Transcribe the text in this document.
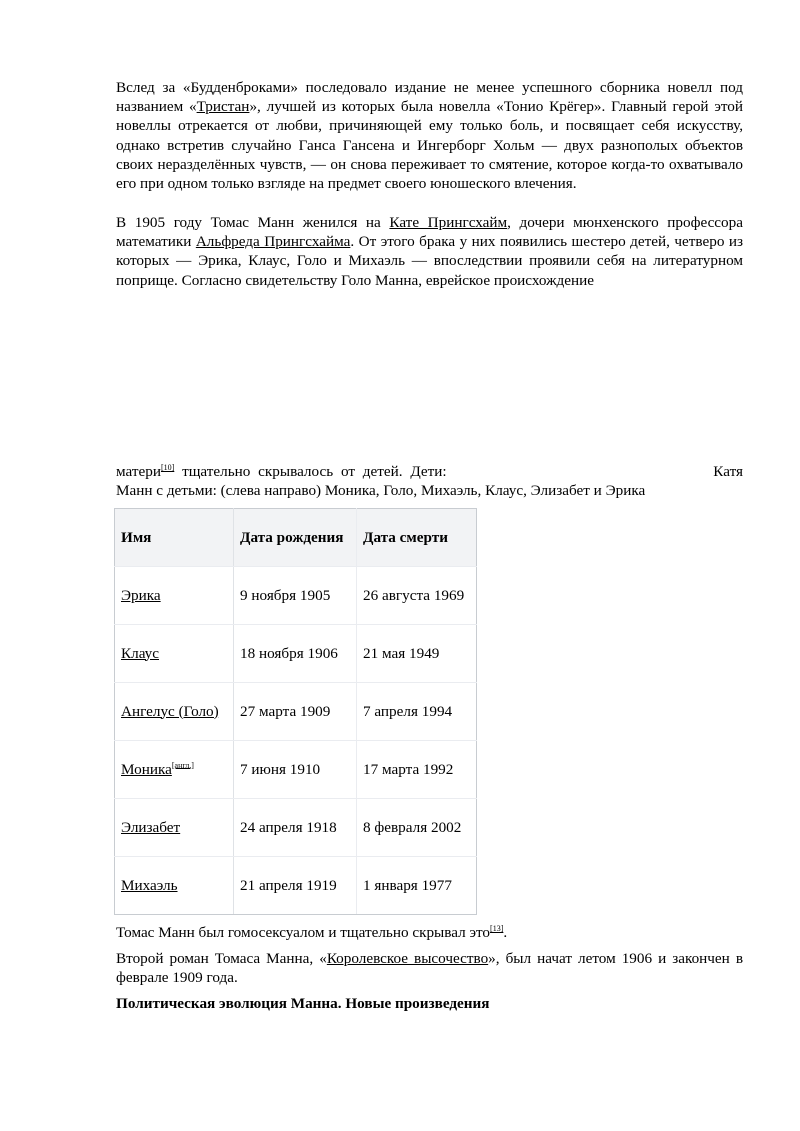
Вслед за «Будденброками» последовало издание не менее успешного сборника новелл под названием «Тристан», лучшей из которых была новелла «Тонио Крёгер». Главный герой этой новеллы отрекается от любви, причиняющей ему только боль, и посвящает себя искусству, однако встретив случайно Ганса Гансена и Ингерборг Хольм — двух разнополых объектов своих неразделённых чувств, — он снова переживает то смятение, которое когда-то охватывало его при одном только взгляде на предмет своего юношеского влечения.

В 1905 году Томас Манн женился на Кате Прингсхайм, дочери мюнхенского профессора математики Альфреда Прингсхайма. От этого брака у них появились шестеро детей, четверо из которых — Эрика, Клаус, Голо и Михаэль — впоследствии проявили себя на литературном поприще. Согласно свидетельству Голо Манна, еврейское происхождение

матери[10] тщательно скрывалось от детей. Дети:	Катя
Манн с детьми: (слева направо) Моника, Голо, Михаэль, Клаус, Элизабет и Эрика
Имя	Дата рождения	Дата смерти
Эрика	9 ноября 1905	26 августа 1969
Клаус	18 ноября 1906	21 мая 1949
Ангелус (Голо)	27 марта 1909	7 апреля 1994
Моника[англ.]	7 июня 1910	17 марта 1992
Элизабет	24 апреля 1918	8 февраля 2002
Михаэль	21 апреля 1919	1 января 1977

Томас Манн был гомосексуалом и тщательно скрывал это[13].

Второй роман Томаса Манна, «Королевское высочество», был начат летом 1906 и закончен в феврале 1909 года.

Политическая эволюция Манна. Новые произведения
